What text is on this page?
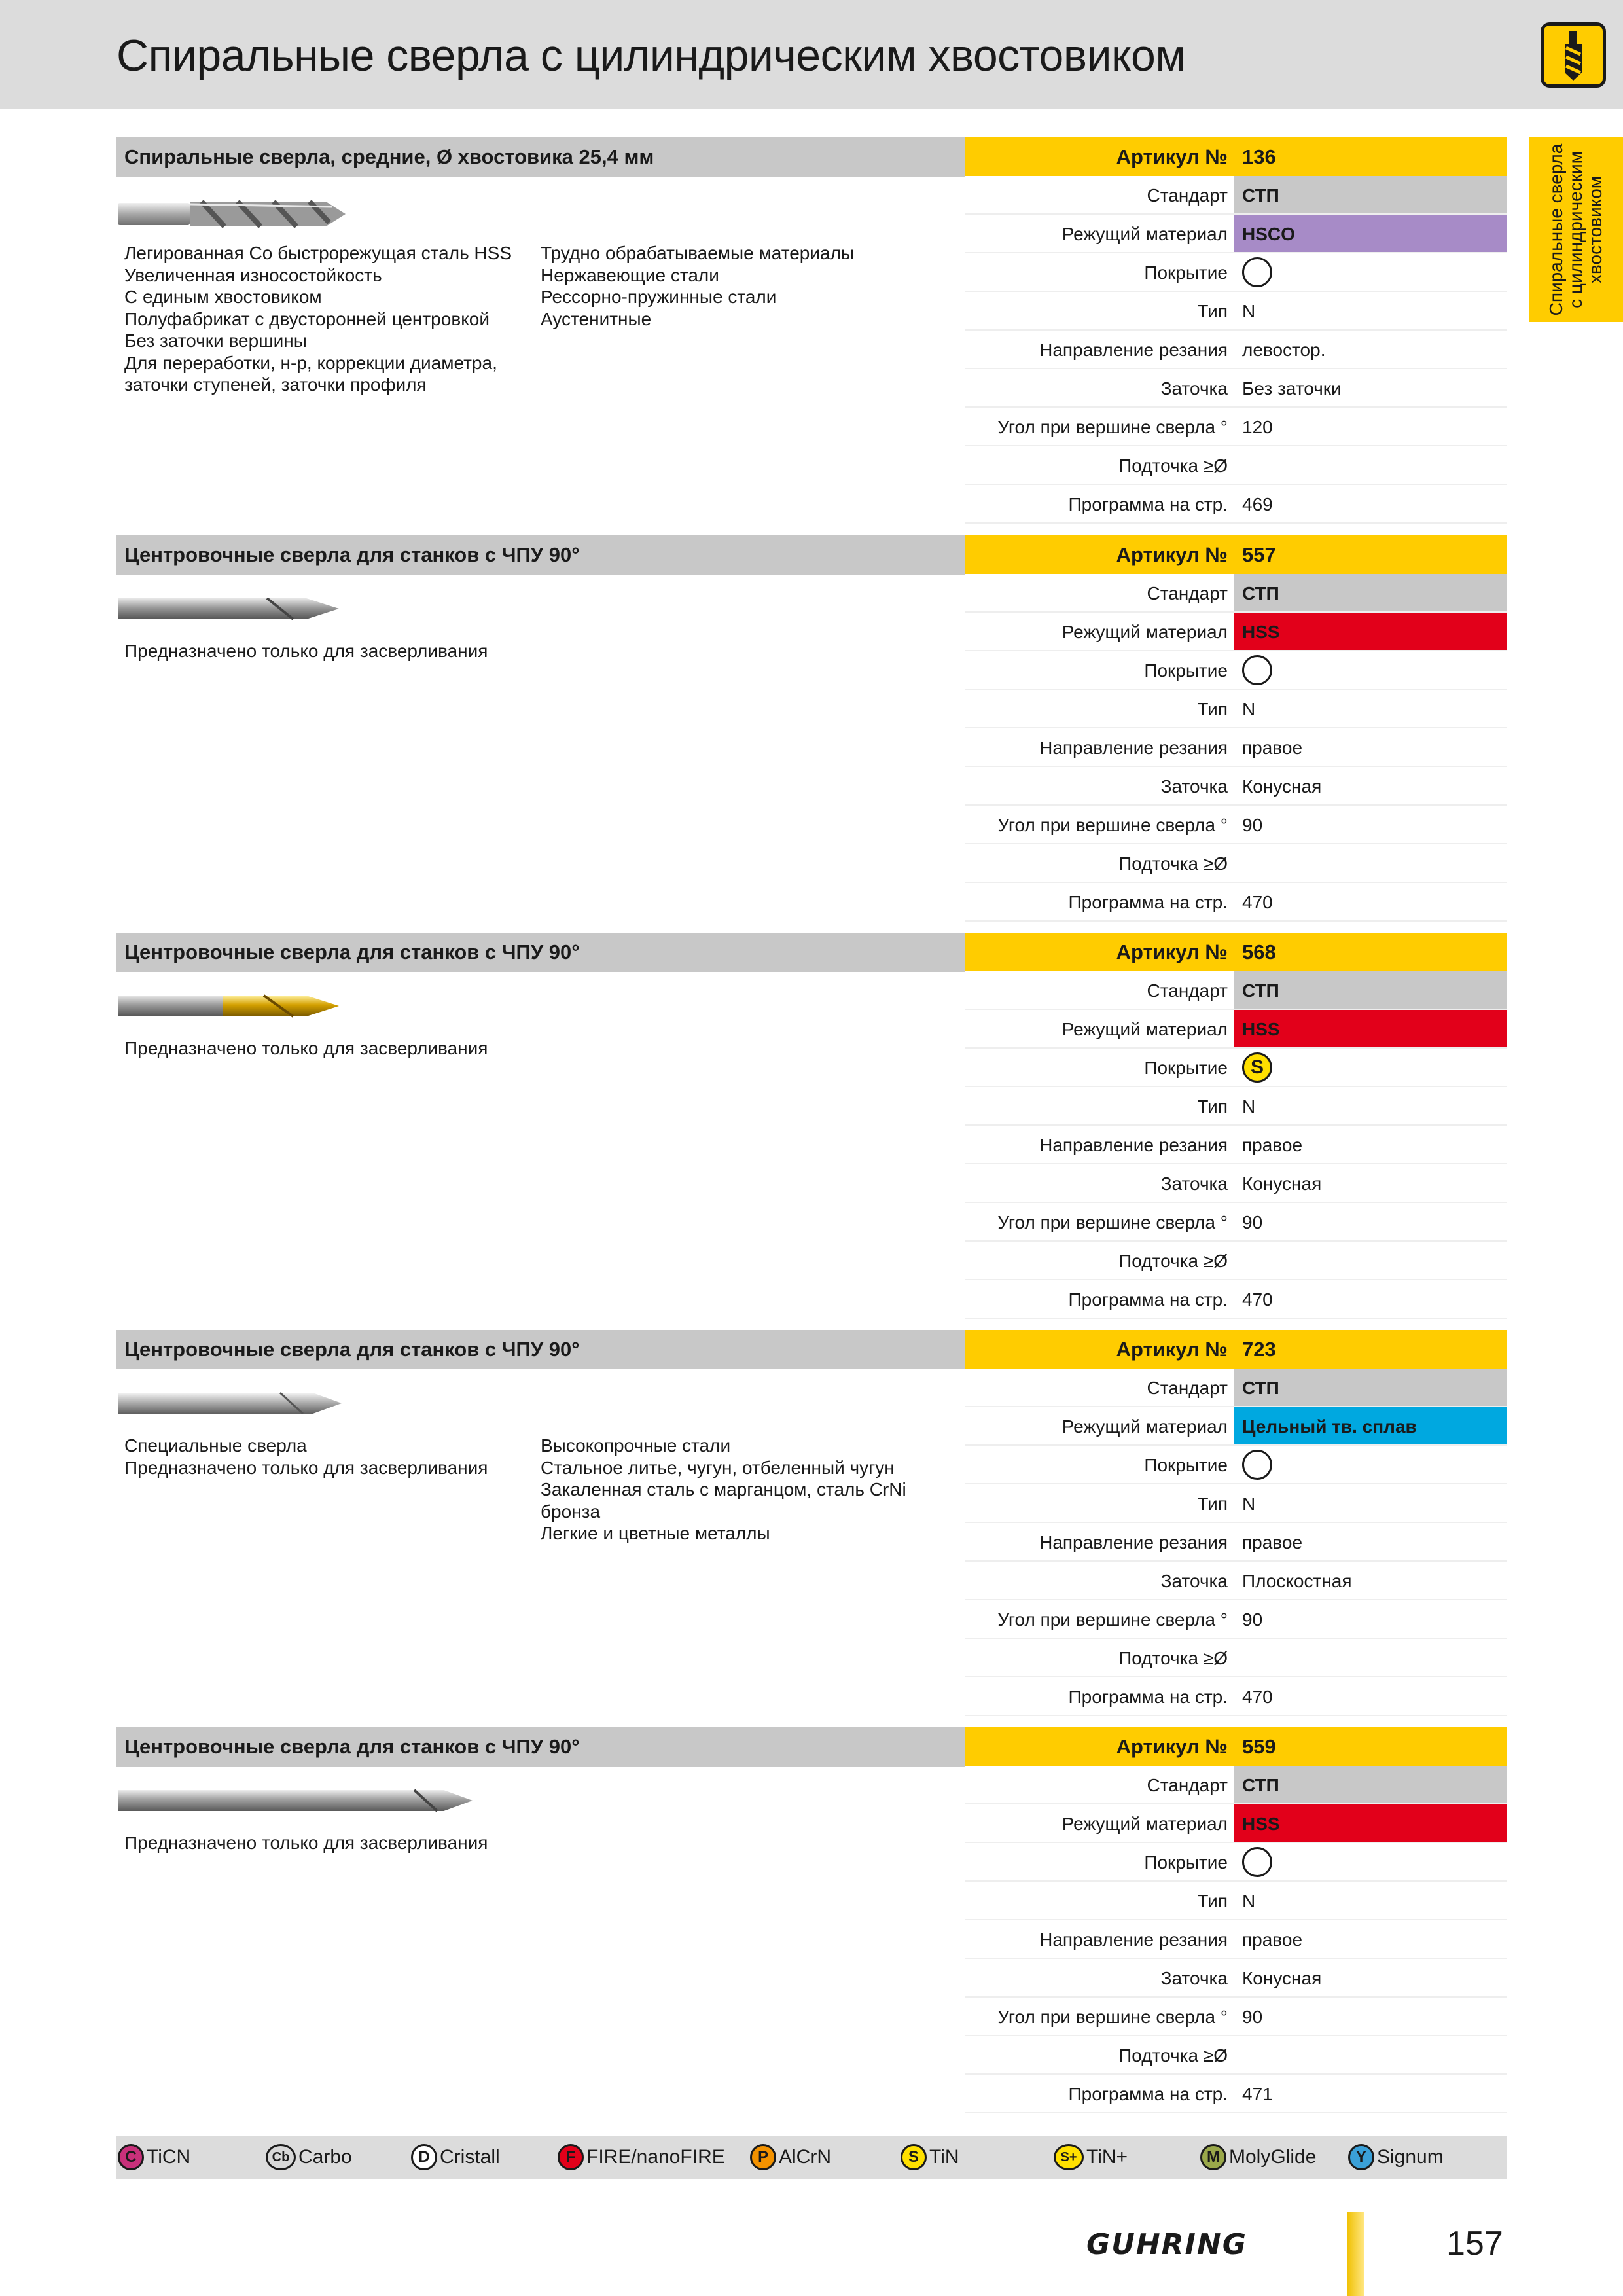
Спиральные сверла с цилиндрическим хвостовиком
Спиральные сверла с цилиндрическим хвостовиком
Спиральные сверла, средние, Ø хвостовика 25,4 мм
Легированная Co быстрорежущая сталь HSS
Увеличенная износостойкость
С единым хвостовиком
Полуфабрикат с двусторонней центровкой
Без заточки вершины
Для переработки, н-р, коррекции диаметра,
заточки ступеней, заточки профиля
Трудно обрабатываемые материалы
Нержавеющие стали
Рессорно-пружинные стали
Аустенитные
Артикул № 136
Стандарт СТП
Режущий материал HSCO
Покрытие
Тип N
Направление резания левостор.
Заточка Без заточки
Угол при вершине сверла ° 120
Подточка ≥Ø
Программа на стр. 469
Центровочные сверла для станков с ЧПУ 90°
Предназначено только для засверливания
Артикул № 557
Стандарт СТП
Режущий материал HSS
Покрытие
Тип N
Направление резания правое
Заточка Конусная
Угол при вершине сверла ° 90
Подточка ≥Ø
Программа на стр. 470
Центровочные сверла для станков с ЧПУ 90°
Предназначено только для засверливания
Артикул № 568
Стандарт СТП
Режущий материал HSS
Покрытие	S
Тип N
Направление резания правое
Заточка Конусная
Угол при вершине сверла ° 90
Подточка ≥Ø
Программа на стр. 470
Центровочные сверла для станков с ЧПУ 90°
Специальные сверла
Предназначено только для засверливания
Высокопрочные стали
Стальное литье, чугун, отбеленный чугун
Закаленная сталь с марганцом, сталь CrNi
бронза
Легкие и цветные металлы
Артикул № 723
Стандарт СТП
Режущий материал Цельный тв. сплав
Покрытие
Тип N
Направление резания правое
Заточка Плоскостная
Угол при вершине сверла ° 90
Подточка ≥Ø
Программа на стр. 470
Центровочные сверла для станков с ЧПУ 90°
Предназначено только для засверливания
Артикул № 559
Стандарт СТП
Режущий материал HSS
Покрытие
Тип N
Направление резания правое
Заточка Конусная
Угол при вершине сверла ° 90
Подточка ≥Ø
Программа на стр. 471
C TiCN	Cb Carbo	D Cristall	F FIRE/nanoFIRE	P AlCrN	S TiN	S+ TiN+	M MolyGlide	Y Signum
GUHRING	157
